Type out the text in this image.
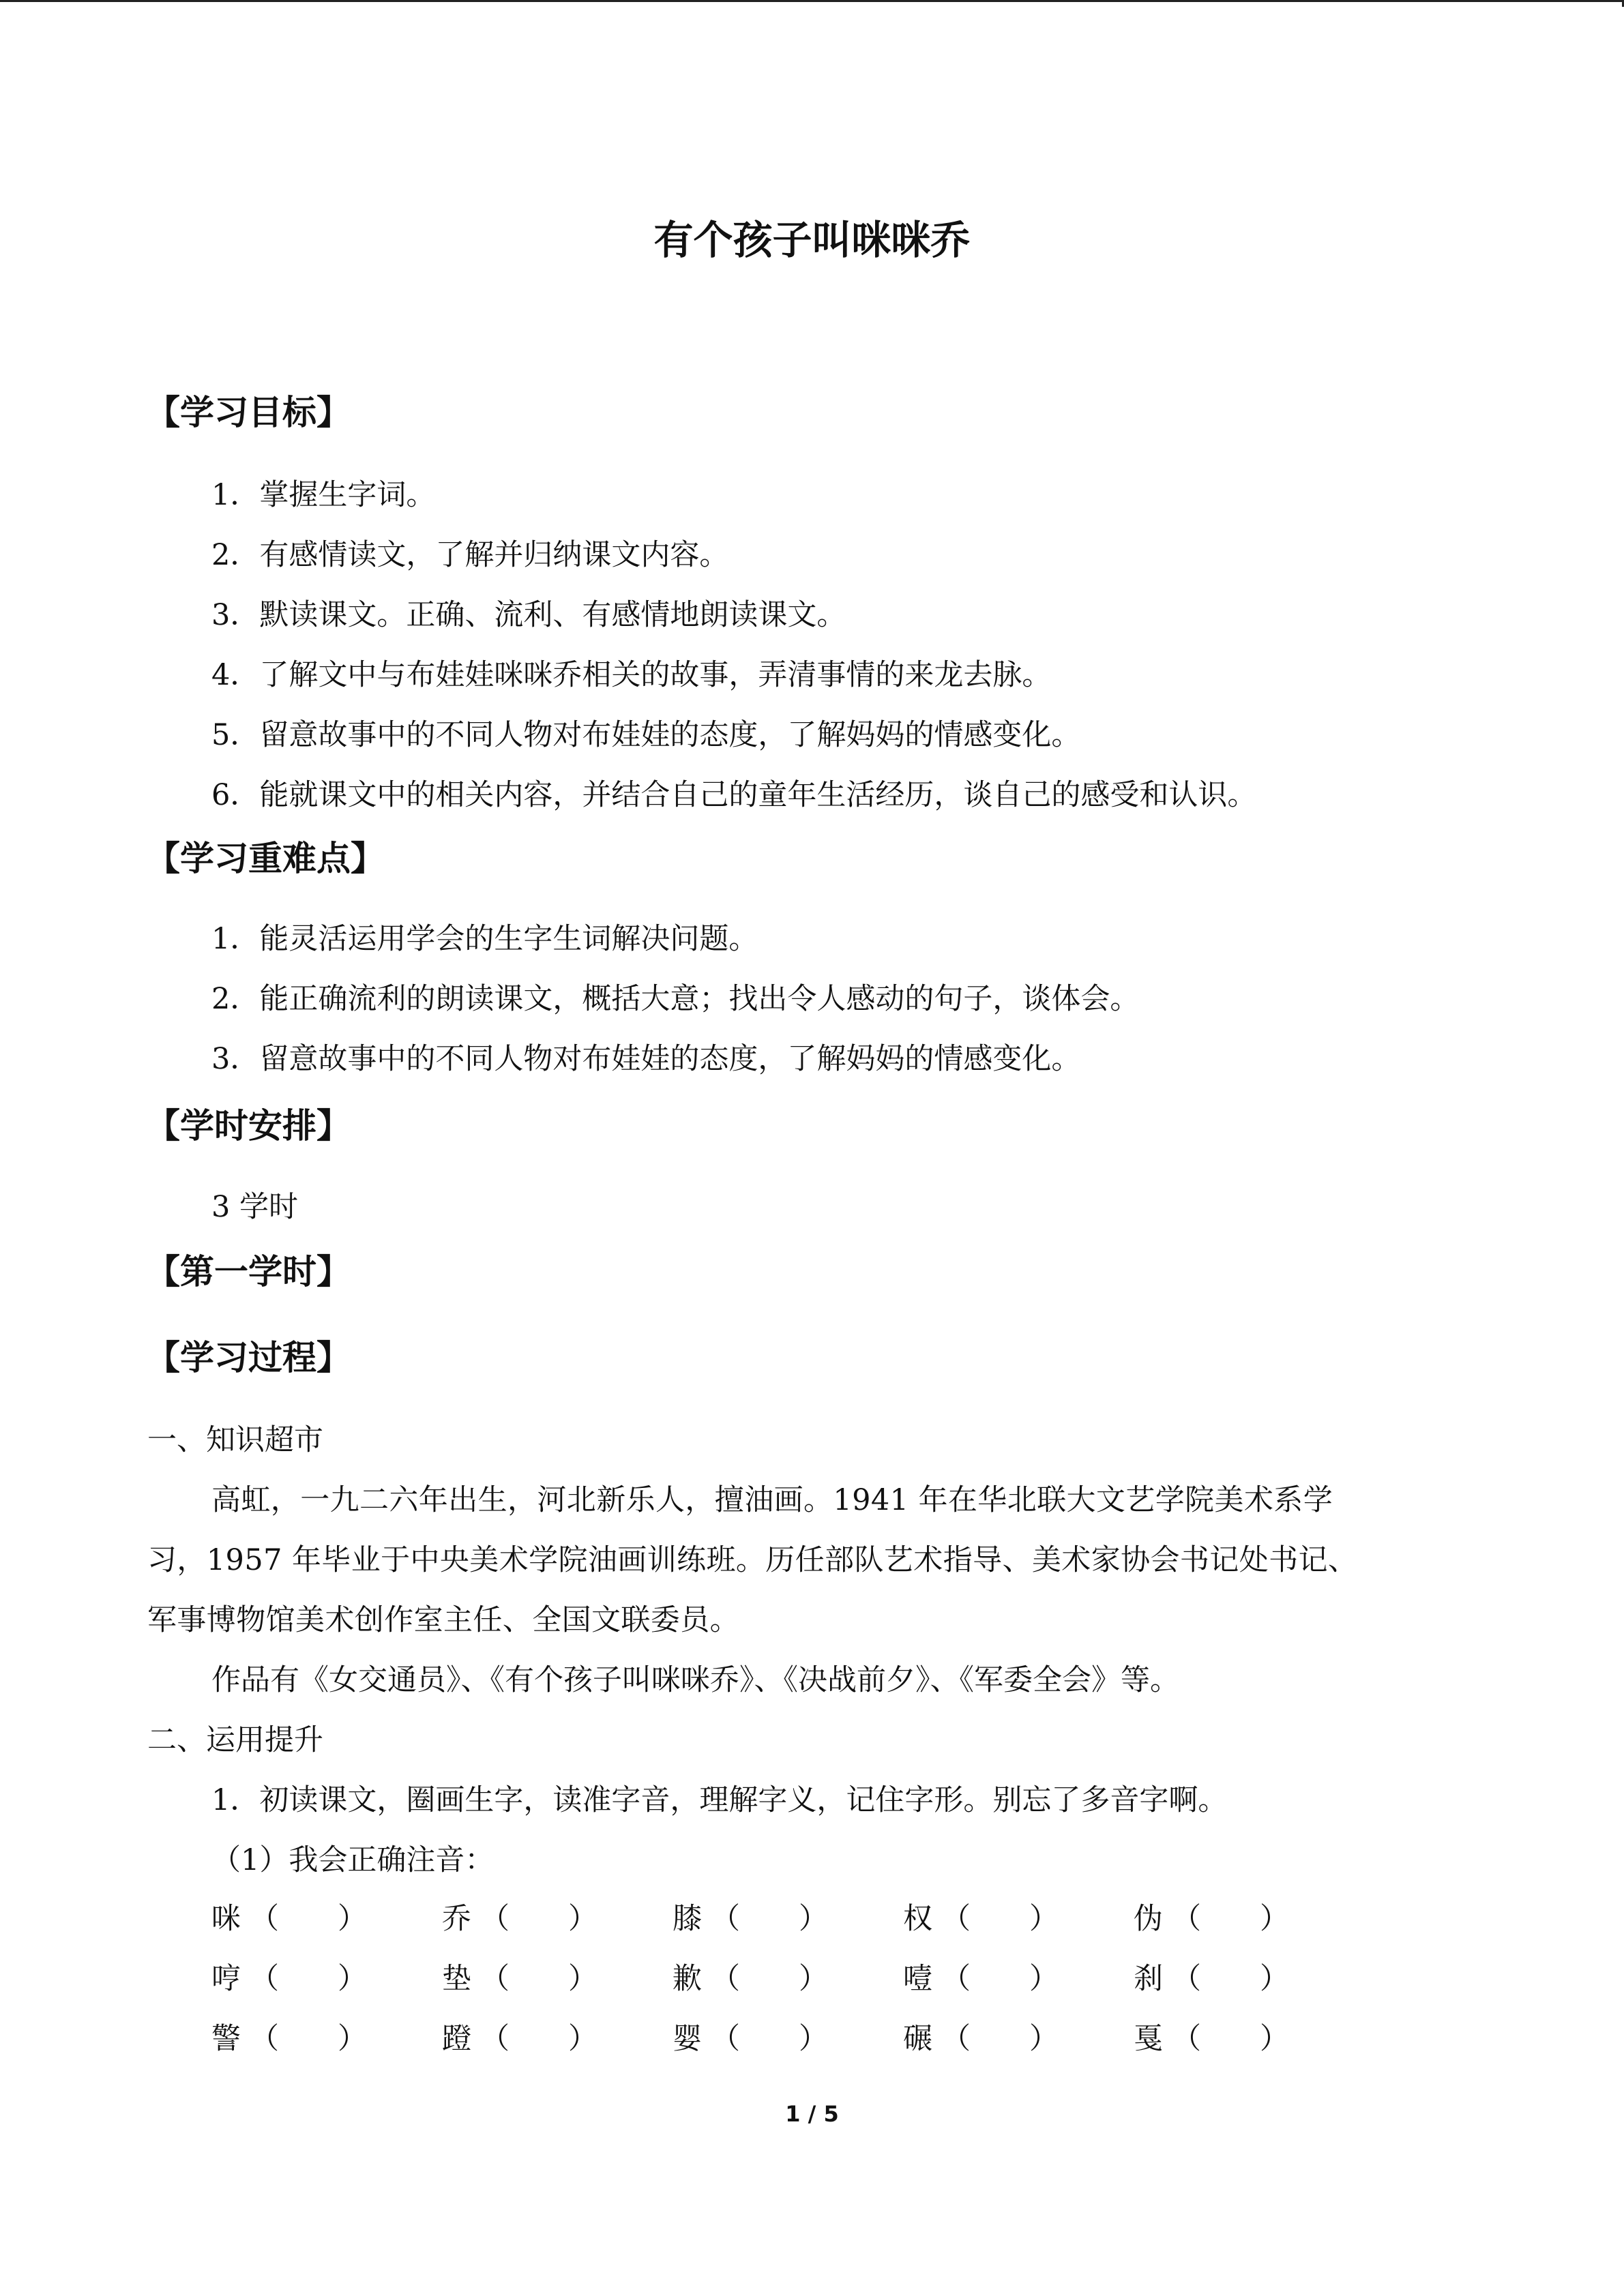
有个孩子叫咪咪乔
【学习目标】
1．掌握生字词。
2．有感情读文，了解并归纳课文内容。
3．默读课文。正确、流利、有感情地朗读课文。
4．了解文中与布娃娃咪咪乔相关的故事，弄清事情的来龙去脉。
5．留意故事中的不同人物对布娃娃的态度，了解妈妈的情感变化。
6．能就课文中的相关内容，并结合自己的童年生活经历，谈自己的感受和认识。
【学习重难点】
1．能灵活运用学会的生字生词解决问题。
2．能正确流利的朗读课文，概括大意；找出令人感动的句子，谈体会。
3．留意故事中的不同人物对布娃娃的态度，了解妈妈的情感变化。
【学时安排】
3 学时
【第一学时】
【学习过程】
一、知识超市
高虹，一九二六年出生，河北新乐人，擅油画。1941 年在华北联大文艺学院美术系学
习，1957 年毕业于中央美术学院油画训练班。历任部队艺术指导、美术家协会书记处书记、
军事博物馆美术创作室主任、全国文联委员。
作品有《女交通员》、《有个孩子叫咪咪乔》、《决战前夕》、《军委全会》等。
二、运用提升
1．初读课文，圈画生字，读准字音，理解字义，记住字形。别忘了多音字啊。
（1）我会正确注音：
咪 （　　）	乔 （　　）	膝 （　　）	权 （　　）	伪 （　　）
哼 （　　）	垫 （　　）	歉 （　　）	噎 （　　）	刹 （　　）
警 （　　）	蹬 （　　）	婴 （　　）	碾 （　　）	戛 （　　）
1 / 5
